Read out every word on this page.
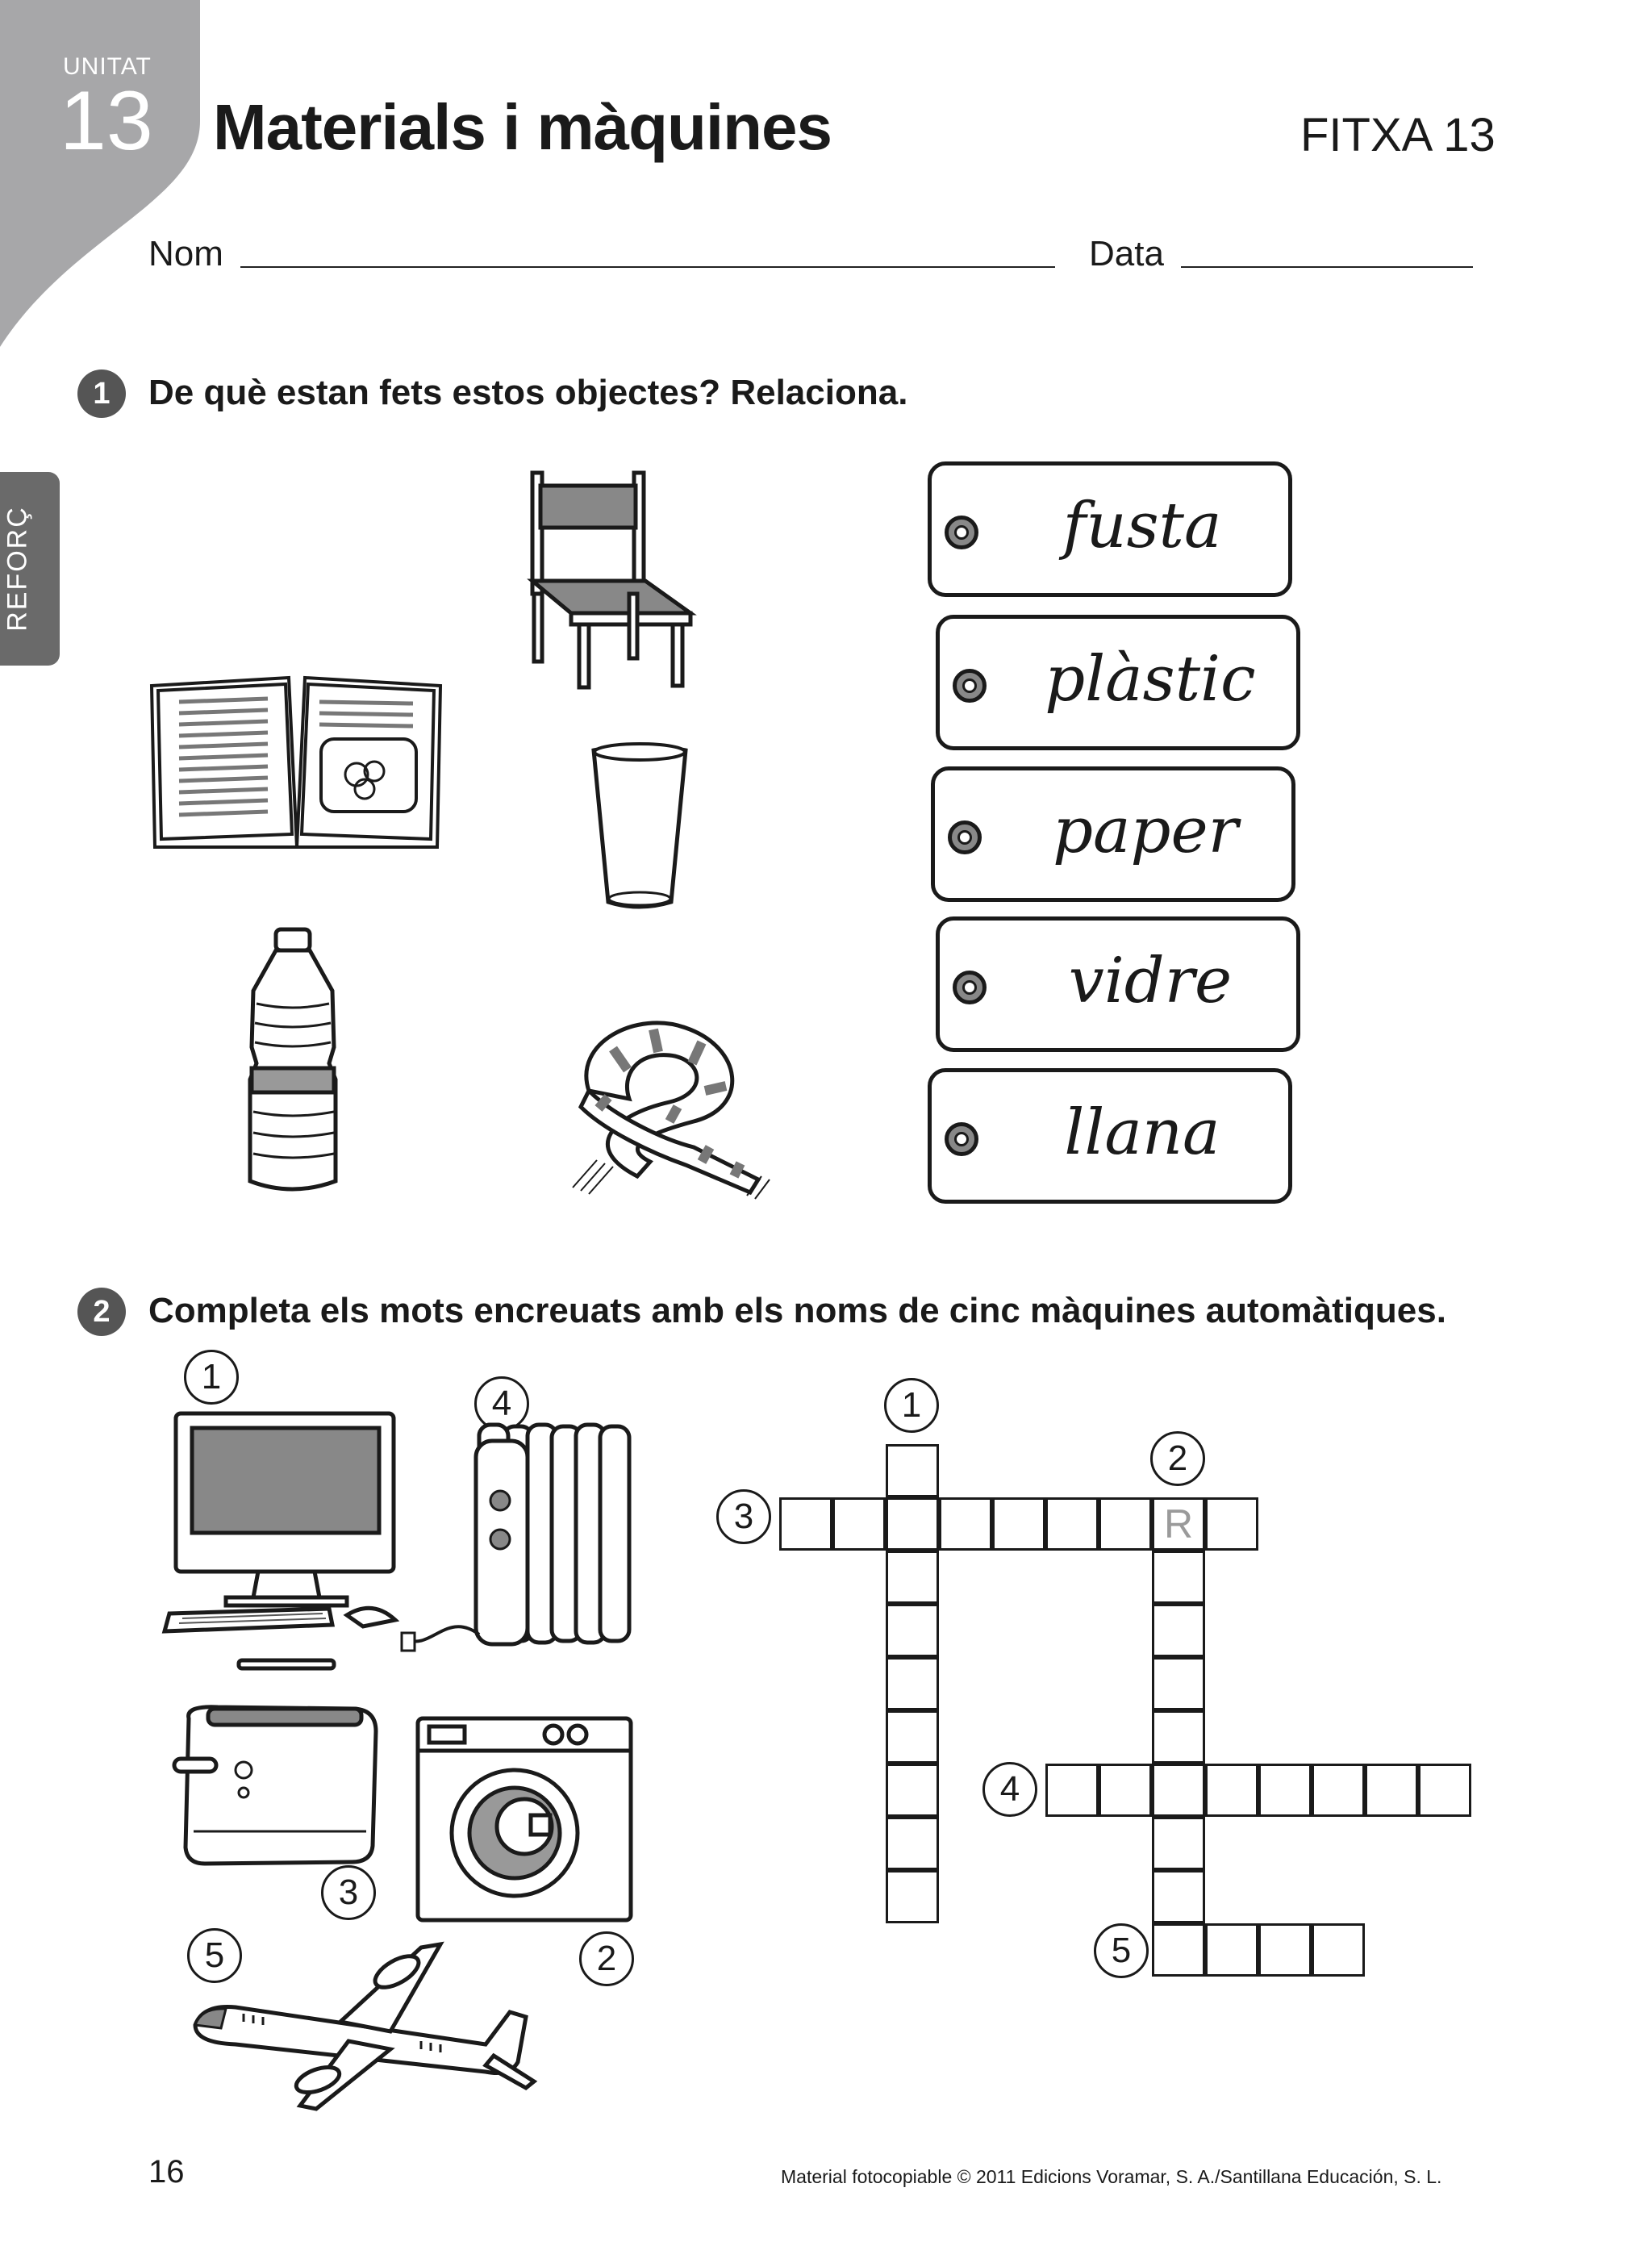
UNITAT
13 Materials i màquines	FITXA 13
Nom	Data
REFORÇ
1	De què estan fets estos objectes? Relaciona.
fusta
plàstic
paper
vidre
llana
2	Completa els mots encreuats amb els noms de cinc màquines automàtiques.
1
4
3
2
5
R
1
2
3
4
5
16	Material fotocopiable © 2011 Edicions Voramar, S. A./Santillana Educación, S. L.
